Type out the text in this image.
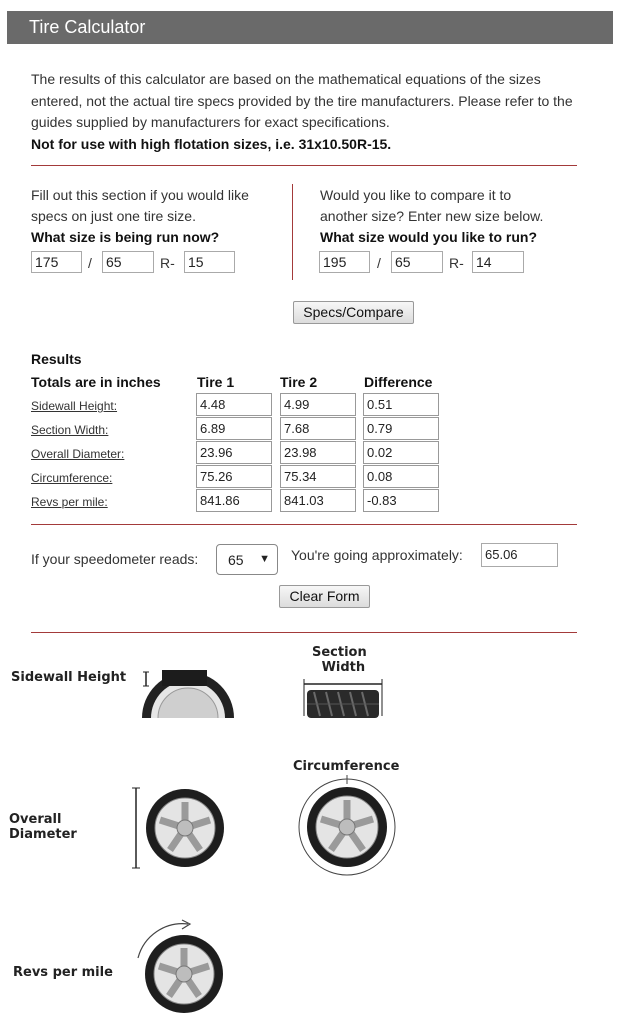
Tire Calculator
The results of this calculator are based on the mathematical equations of the sizes entered, not the actual tire specs provided by the tire manufacturers. Please refer to the guides supplied by manufacturers for exact specifications.
Not for use with high flotation sizes, i.e. 31x10.50R-15.
Fill out this section if you would like
specs on just one tire size.
What size is being run now?
Would you like to compare it to
another size? Enter new size below.
What size would you like to run?
175	/ 65	R- 15	195	/ 65	R- 14
Specs/Compare
Results
Totals are in inches	Tire 1	Tire 2	Difference
Sidewall Height:	4.48	4.99	0.51
Section Width:	6.89	7.68	0.79
Overall Diameter:	23.96	23.98	0.02
Circumference:	75.26	75.34	0.08
Revs per mile:	841.86	841.03	-0.83
If your speedometer reads: 65 ▼ You're going approximately:	65.06
Clear Form
Sidewall Height
Section
Width
Overall
Diameter
Circumference
Revs per mile
